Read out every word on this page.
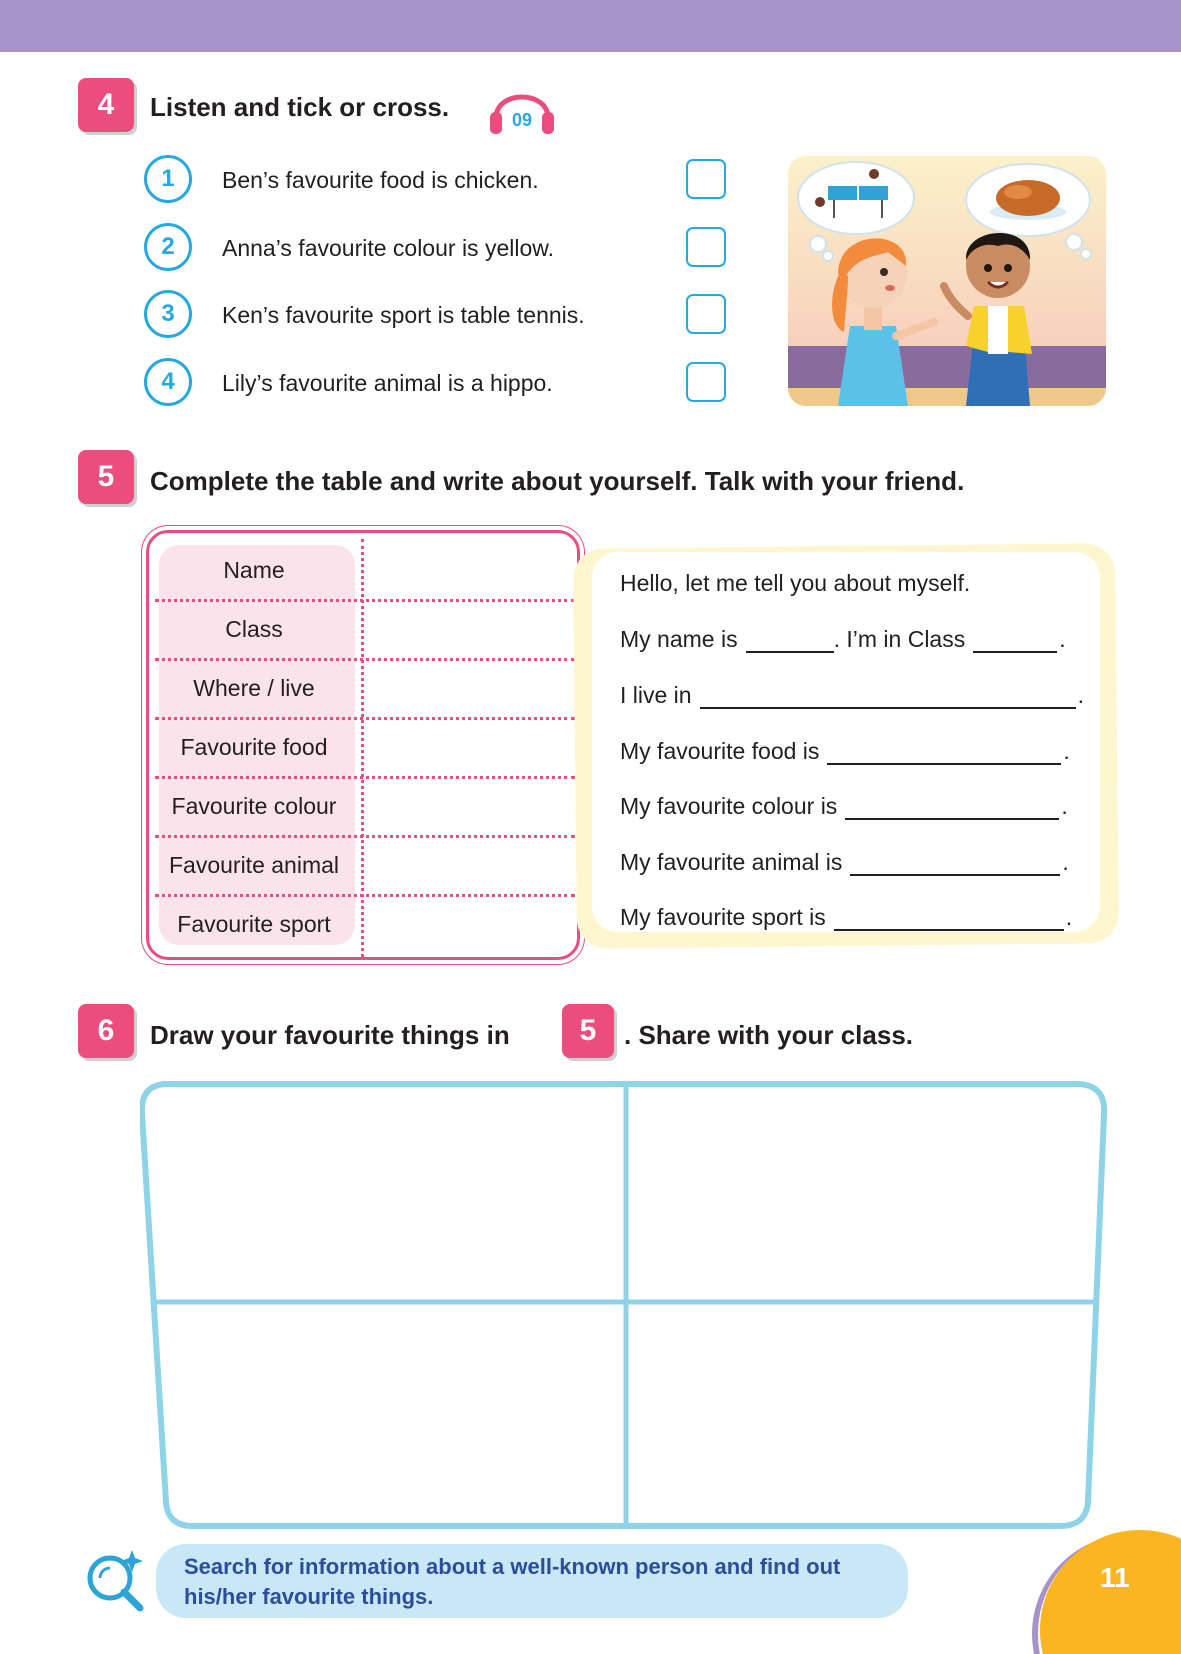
4	Listen and tick or cross.	09
1	Ben’s favourite food is chicken.
2	Anna’s favourite colour is yellow.
3	Ken’s favourite sport is table tennis.
4	Lily’s favourite animal is a hippo.
5	Complete the table and write about yourself. Talk with your friend.
Name
Class
Where / live
Favourite food
Favourite colour
Favourite animal
Favourite sport
Hello, let me tell you about myself.
My name is	. I’m in Class	.
I live in	.
My favourite food is	.
My favourite colour is	.
My favourite animal is	.
My favourite sport is	.
6	Draw your favourite things in	5	. Share with your class.
Search for information about a well-known person and find out his/her favourite things.
11
